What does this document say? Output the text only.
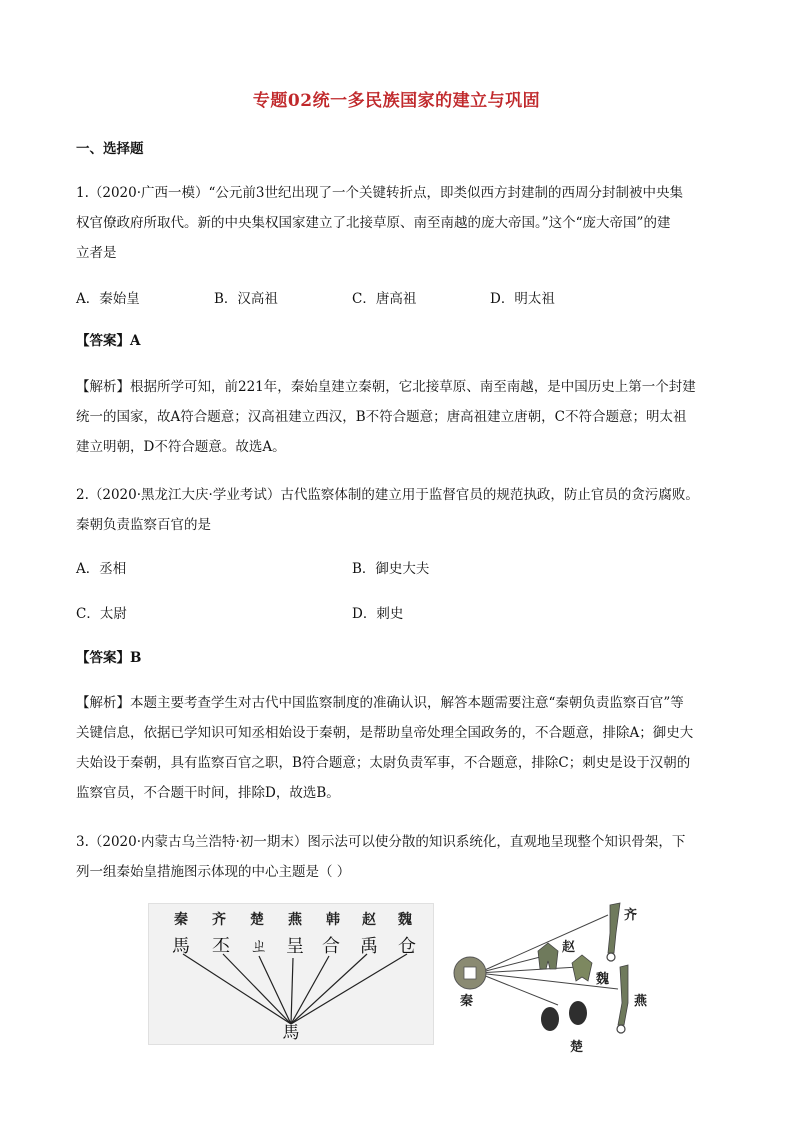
专题02统一多民族国家的建立与巩固
一、选择题

1.（2020·广西一模）“公元前3世纪出现了一个关键转折点，即类似西方封建制的西周分封制被中央集

权官僚政府所取代。新的中央集权国家建立了北接草原、南至南越的庞大帝国。”这个“庞大帝国”的建

立者是

A．秦始皇	B．汉高祖	C．唐高祖	D．明太祖
【答案】A

【解析】根据所学可知，前221年，秦始皇建立秦朝，它北接草原、南至南越，是中国历史上第一个封建

统一的国家，故A符合题意；汉高祖建立西汉，B不符合题意；唐高祖建立唐朝，C不符合题意；明太祖

建立明朝，D不符合题意。故选A。

2.（2020·黑龙江大庆·学业考试）古代监察体制的建立用于监督官员的规范执政，防止官员的贪污腐败。

秦朝负责监察百官的是

A．丞相	B．御史大夫
C．太尉	D．刺史
【答案】B

【解析】本题主要考查学生对古代中国监察制度的准确认识，解答本题需要注意“秦朝负责监察百官”等

关键信息，依据已学知识可知丞相始设于秦朝，是帮助皇帝处理全国政务的，不合题意，排除A；御史大

夫始设于秦朝，具有监察百官之职，B符合题意；太尉负责军事，不合题意，排除C；刺史是设于汉朝的

监察官员，不合题干时间，排除D，故选B。

3.（2020·内蒙古乌兰浩特·初一期末）图示法可以使分散的知识系统化，直观地呈现整个知识骨架，下

列一组秦始皇措施图示体现的中心主题是（ ）

秦 齐 楚 燕 韩 赵 魏
馬 丕 ㄓ 呈 合 禹 仓
馬
秦
齐
赵
魏
燕
楚
